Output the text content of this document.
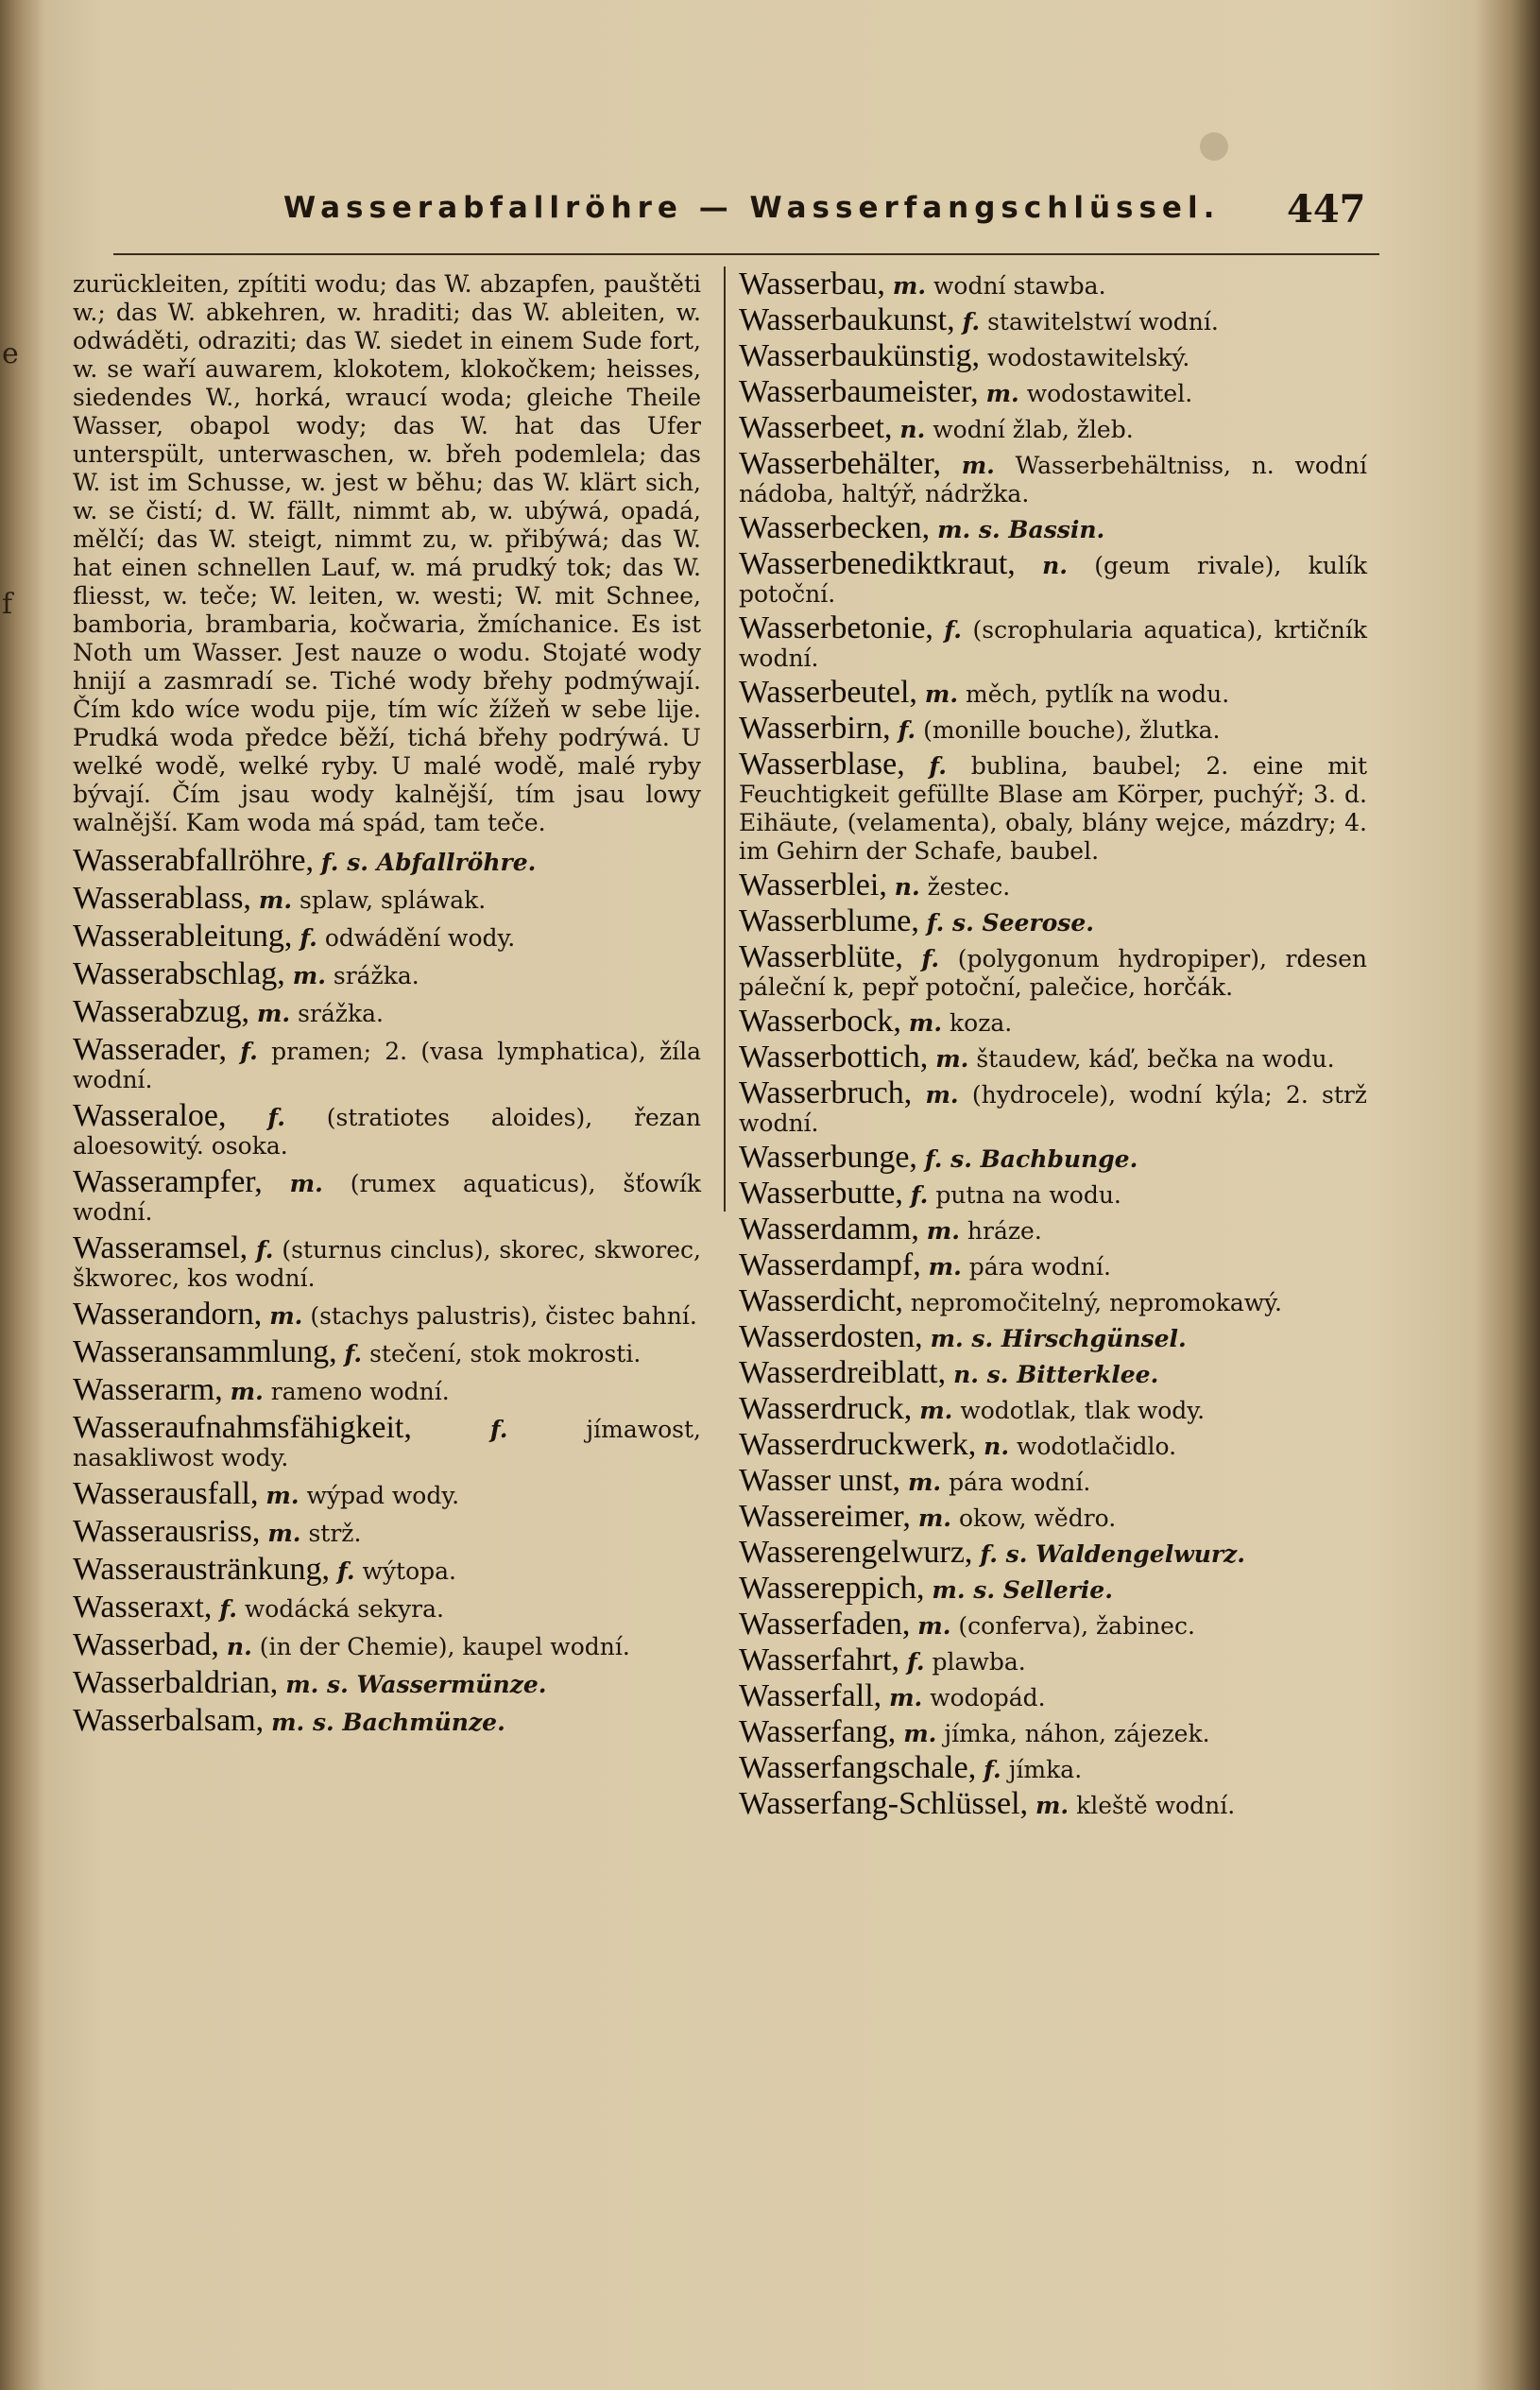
e
f
Wasserabfallröhre — Wasserfangschlüssel.	447

zurückleiten, zpítiti wodu; das W. abzapfen, pauštěti w.; das W. abkehren, w. hraditi; das W. ableiten, w. odwáděti, odraziti; das W. siedet in einem Sude fort, w. se waří auwarem, klokotem, klokočkem; heisses, siedendes W., horká, wraucí woda; gleiche Theile Wasser, obapol wody; das W. hat das Ufer unterspült, unterwaschen, w. břeh podemlela; das W. ist im Schusse, w. jest w běhu; das W. klärt sich, w. se čistí; d. W. fällt, nimmt ab, w. ubýwá, opadá, mělčí; das W. steigt, nimmt zu, w. přibýwá; das W. hat einen schnellen Lauf, w. má prudký tok; das W. fliesst, w. teče; W. leiten, w. westi; W. mit Schnee, bamboria, brambaria, kočwaria, žmíchanice. Es ist Noth um Wasser. Jest nauze o wodu. Stojaté wody hnijí a zasmradí se. Tiché wody břehy podmýwají. Čím kdo wíce wodu pije, tím wíc žížeň w sebe lije. Prudká woda předce běží, tichá břehy podrýwá. U welké wodě, welké ryby. U malé wodě, malé ryby bývají. Čím jsau wody kalnější, tím jsau lowy walnější. Kam woda má spád, tam teče.

Wasserabfallröhre, f. s. Abfallröhre.
Wasserablass, m. splaw, spláwak.
Wasserableitung, f. odwádění wody.
Wasserabschlag, m. srážka.
Wasserabzug, m. srážka.
Wasserader, f. pramen; 2. (vasa lymphatica), žíla wodní.
Wasseraloe, f. (stratiotes aloides), řezan aloesowitý. osoka.
Wasserampfer, m. (rumex aquaticus), šťowík wodní.
Wasseramsel, f. (sturnus cinclus), skorec, skworec, škworec, kos wodní.
Wasserandorn, m. (stachys palustris), čistec bahní.
Wasseransammlung, f. stečení, stok mokrosti.
Wasserarm, m. rameno wodní.
Wasseraufnahmsfähigkeit,	f.	jímawost, nasakliwost wody.
Wasserausfall, m. wýpad wody.
Wasserausriss, m. strž.
Wasseraustränkung, f. wýtopa.
Wasseraxt, f. wodácká sekyra.
Wasserbad, n. (in der Chemie), kaupel wodní.
Wasserbaldrian, m. s. Wassermünze.
Wasserbalsam, m. s. Bachmünze.
Wasserbau, m. wodní stawba.
Wasserbaukunst, f. stawitelstwí wodní.
Wasserbaukünstig, wodostawitelský.
Wasserbaumeister, m. wodostawitel.
Wasserbeet, n. wodní žlab, žleb.
Wasserbehälter, m. Wasserbehältniss, n. wodní nádoba, haltýř, nádržka.
Wasserbecken, m. s. Bassin.
Wasserbenediktkraut, n. (geum rivale), kulík potoční.
Wasserbetonie, f. (scrophularia aquatica), krtičník wodní.
Wasserbeutel, m. měch, pytlík na wodu.
Wasserbirn, f. (monille bouche), žlutka.
Wasserblase, f. bublina, baubel; 2. eine mit Feuchtigkeit gefüllte Blase am Körper, puchýř; 3. d. Eihäute, (velamenta), obaly, blány wejce, mázdry; 4. im Gehirn der Schafe, baubel.
Wasserblei, n. žestec.
Wasserblume, f. s. Seerose.
Wasserblüte, f. (polygonum hydropiper), rdesen páleční k, pepř potoční, palečice, horčák.
Wasserbock, m. koza.
Wasserbottich, m. štaudew, káď, bečka na wodu.
Wasserbruch, m. (hydrocele), wodní kýla; 2. strž wodní.
Wasserbunge, f. s. Bachbunge.
Wasserbutte, f. putna na wodu.
Wasserdamm, m. hráze.
Wasserdampf, m. pára wodní.
Wasserdicht, nepromočitelný, nepromokawý.
Wasserdosten, m. s. Hirschgünsel.
Wasserdreiblatt, n. s. Bitterklee.
Wasserdruck, m. wodotlak, tlak wody.
Wasserdruckwerk, n. wodotlačidlo.
Wasser unst, m. pára wodní.
Wassereimer, m. okow, wědro.
Wasserengelwurz, f. s. Waldengelwurz.
Wassereppich, m. s. Sellerie.
Wasserfaden, m. (conferva), žabinec.
Wasserfahrt, f. plawba.
Wasserfall, m. wodopád.
Wasserfang, m. jímka, náhon, zájezek.
Wasserfangschale, f. jímka.
Wasserfang-Schlüssel, m. kleště wodní.
